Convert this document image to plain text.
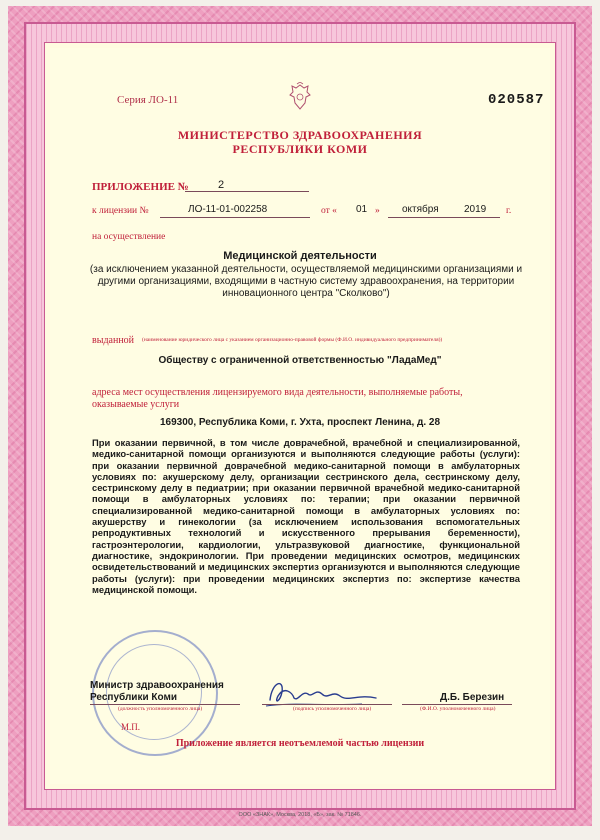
Серия ЛО-11	020587
МИНИСТЕРСТВО ЗДРАВООХРАНЕНИЯ
РЕСПУБЛИКИ КОМИ
ПРИЛОЖЕНИЕ №	2
к лицензии №	ЛО-11-01-002258	от « 01 » октября	2019 г.
на осуществление
Медицинской деятельности
(за исключением указанной деятельности, осуществляемой медицинскими организациями и другими организациями, входящими в частную систему здравоохранения, на территории инновационного центра "Сколково")
выданной (наименование юридического лица с указанием организационно-правовой формы (Ф.И.О. индивидуального предпринимателя))
Обществу с ограниченной ответственностью "ЛадаМед"
адреса мест осуществления лицензируемого вида деятельности, выполняемые работы, оказываемые услуги
169300, Республика Коми, г. Ухта, проспект Ленина, д. 28
При оказании первичной, в том числе доврачебной, врачебной и специализированной, медико-санитарной помощи организуются и выполняются следующие работы (услуги): при оказании первичной доврачебной медико-санитарной помощи в амбулаторных условиях по: акушерскому делу, организации сестринского дела, сестринскому делу, сестринскому делу в педиатрии; при оказании первичной врачебной медико-санитарной помощи в амбулаторных условиях по: терапии; при оказании первичной специализированной медико-санитарной помощи в амбулаторных условиях по: акушерству и гинекологии (за исключением использования вспомогательных репродуктивных технологий и искусственного прерывания беременности), гастроэнтерологии, кардиологии, ультразвуковой диагностике, функциональной диагностике, эндокринологии. При проведении медицинских осмотров, медицинских освидетельствований и медицинских экспертиз организуются и выполняются следующие работы (услуги): при проведении медицинских экспертиз по: экспертизе качества медицинской помощи.
Министр здравоохранения
Республики Коми
(должность уполномоченного лица)	(подпись уполномоченного лица)
Д.Б. Березин
(Ф.И.О. уполномоченного лица)
М.П.
Приложение является неотъемлемой частью лицензии
ООО «ЗНАК», Москва, 2018, «Б», зак. № 71846.
